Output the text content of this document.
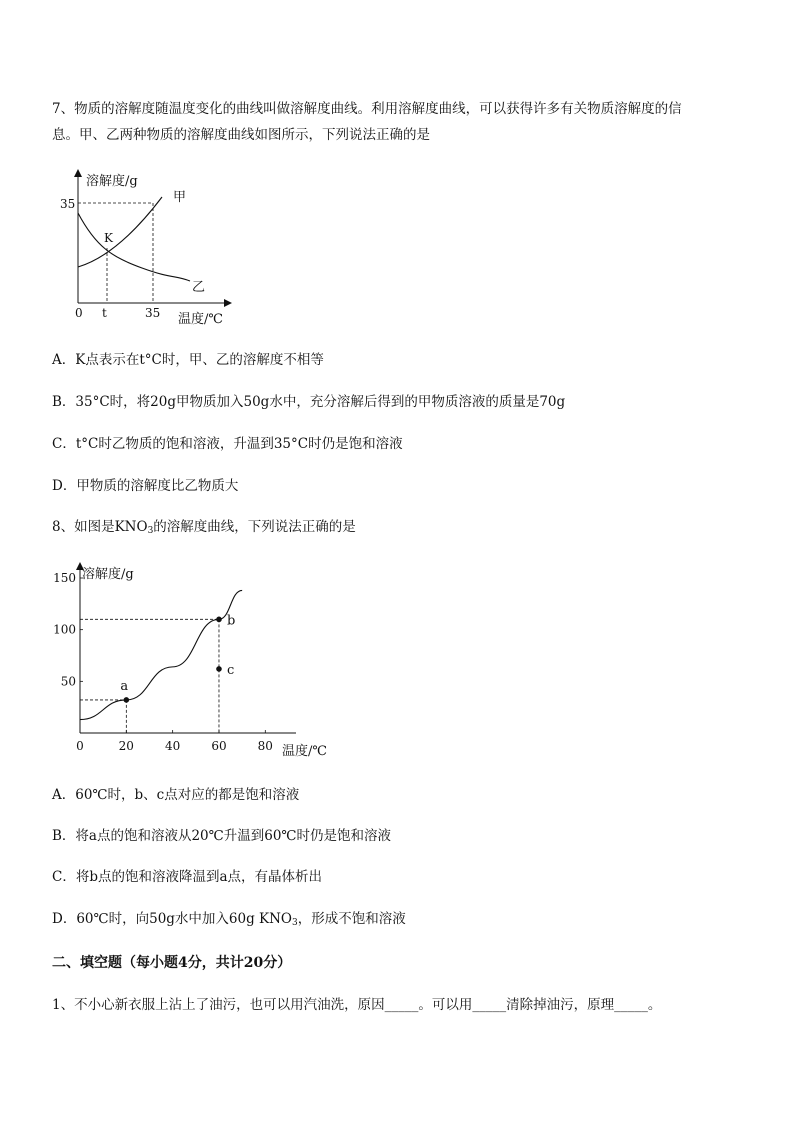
7、物质的溶解度随温度变化的曲线叫做溶解度曲线。利用溶解度曲线，可以获得许多有关物质溶解度的信
息。甲、乙两种物质的溶解度曲线如图所示，下列说法正确的是
溶解度/g
温度/℃
35
0 t	35
甲
乙
K
A．K点表示在t°C时，甲、乙的溶解度不相等
B．35°C时，将20g甲物质加入50g水中，充分溶解后得到的甲物质溶液的质量是70g
C．t°C时乙物质的饱和溶液，升温到35°C时仍是饱和溶液
D．甲物质的溶解度比乙物质大
8、如图是$KNO_3$的溶解度曲线，下列说法正确的是
溶解度/g
温度/℃
0	20	40	60	80
50
100
150
a
b
c
A．60℃时，b、c点对应的都是饱和溶液
B．将a点的饱和溶液从20℃升温到60℃时仍是饱和溶液
C．将b点的饱和溶液降温到a点，有晶体析出
D．60℃时，向50g水中加入60g $KNO_3$，形成不饱和溶液
二、填空题（每小题4分，共计20分）
1、不小心新衣服上沾上了油污，也可以用汽油洗，原因_____。可以用_____清除掉油污，原理_____。
